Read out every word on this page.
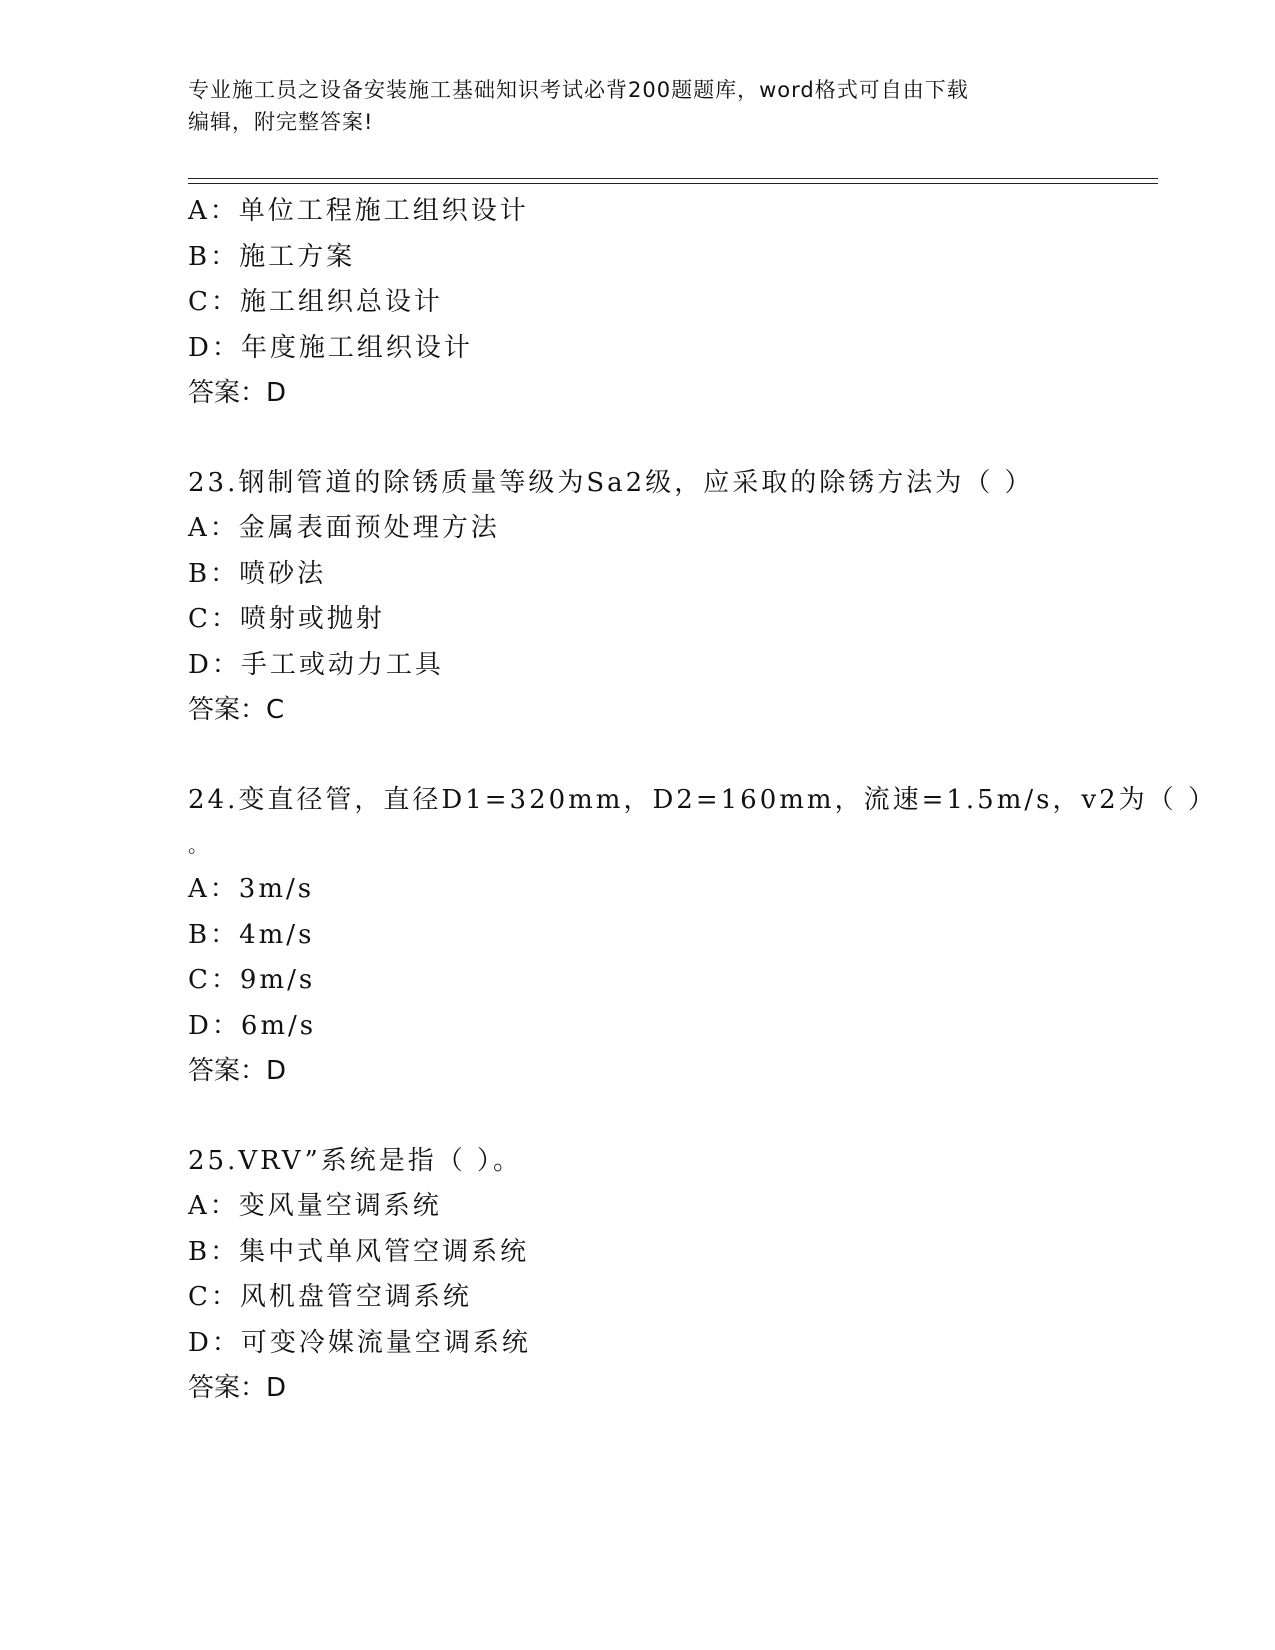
专业施工员之设备安装施工基础知识考试必背200题题库，word格式可自由下载
编辑，附完整答案!
A：单位工程施工组织设计
B：施工方案
C：施工组织总设计
D：年度施工组织设计
答案：D
23.钢制管道的除锈质量等级为Sa2级，应采取的除锈方法为（ ）
A：金属表面预处理方法
B：喷砂法
C：喷射或抛射
D：手工或动力工具
答案：C
24.变直径管，直径D1=320mm，D2=160mm，流速=1.5m/s，v2为（ ）
。
A：3m/s
B：4m/s
C：9m/s
D：6m/s
答案：D
25.VRV”系统是指（ ）。
A：变风量空调系统
B：集中式单风管空调系统
C：风机盘管空调系统
D：可变冷媒流量空调系统
答案：D
